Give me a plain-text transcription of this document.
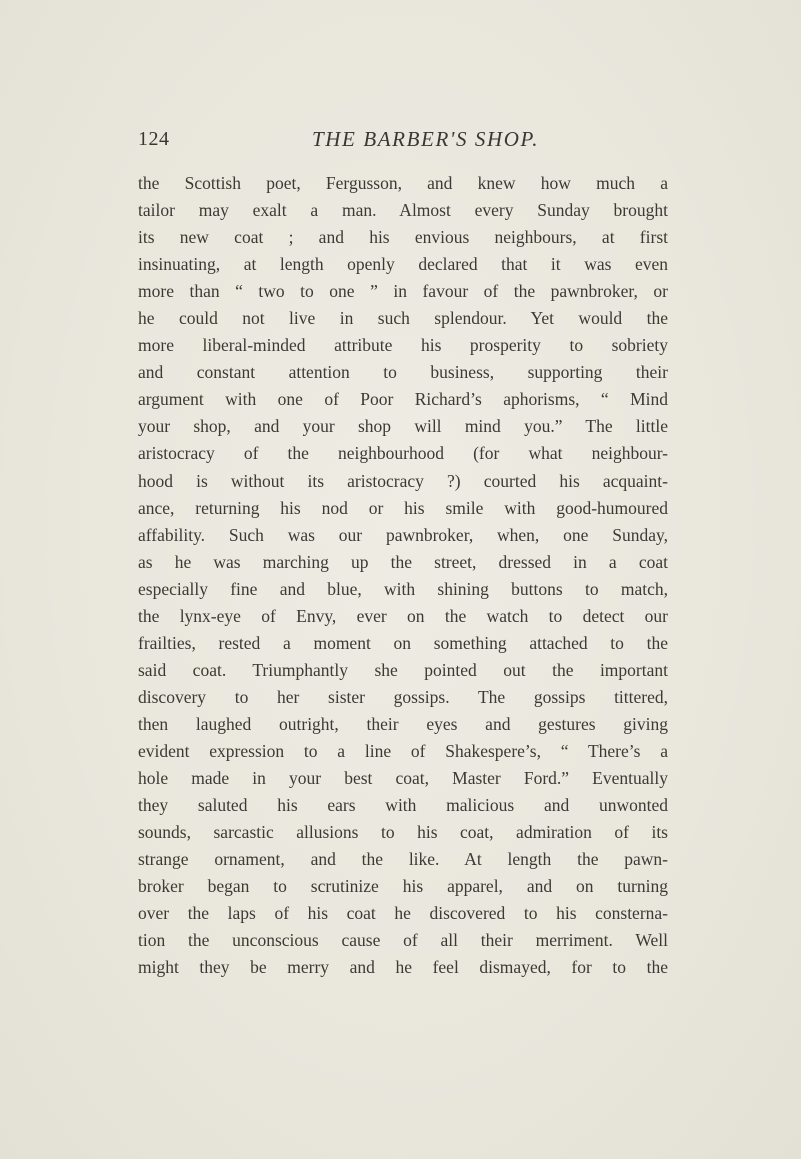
124	THE BARBER'S SHOP.
the Scottish poet, Fergusson, and knew how much a
tailor may exalt a man. Almost every Sunday brought
its new coat ; and his envious neighbours, at first
insinuating, at length openly declared that it was even
more than “ two to one ” in favour of the pawnbroker, or
he could not live in such splendour. Yet would the
more liberal-minded attribute his prosperity to sobriety
and constant attention to business, supporting their
argument with one of Poor Richard’s aphorisms, “ Mind
your shop, and your shop will mind you.” The little
aristocracy of the neighbourhood (for what neighbour-
hood is without its aristocracy ?) courted his acquaint-
ance, returning his nod or his smile with good-humoured
affability. Such was our pawnbroker, when, one Sunday,
as he was marching up the street, dressed in a coat
especially fine and blue, with shining buttons to match,
the lynx-eye of Envy, ever on the watch to detect our
frailties, rested a moment on something attached to the
said coat. Triumphantly she pointed out the important
discovery to her sister gossips. The gossips tittered,
then laughed outright, their eyes and gestures giving
evident expression to a line of Shakespere’s, “ There’s a
hole made in your best coat, Master Ford.” Eventually
they saluted his ears with malicious and unwonted
sounds, sarcastic allusions to his coat, admiration of its
strange ornament, and the like. At length the pawn-
broker began to scrutinize his apparel, and on turning
over the laps of his coat he discovered to his consterna-
tion the unconscious cause of all their merriment. Well
might they be merry and he feel dismayed, for to the
